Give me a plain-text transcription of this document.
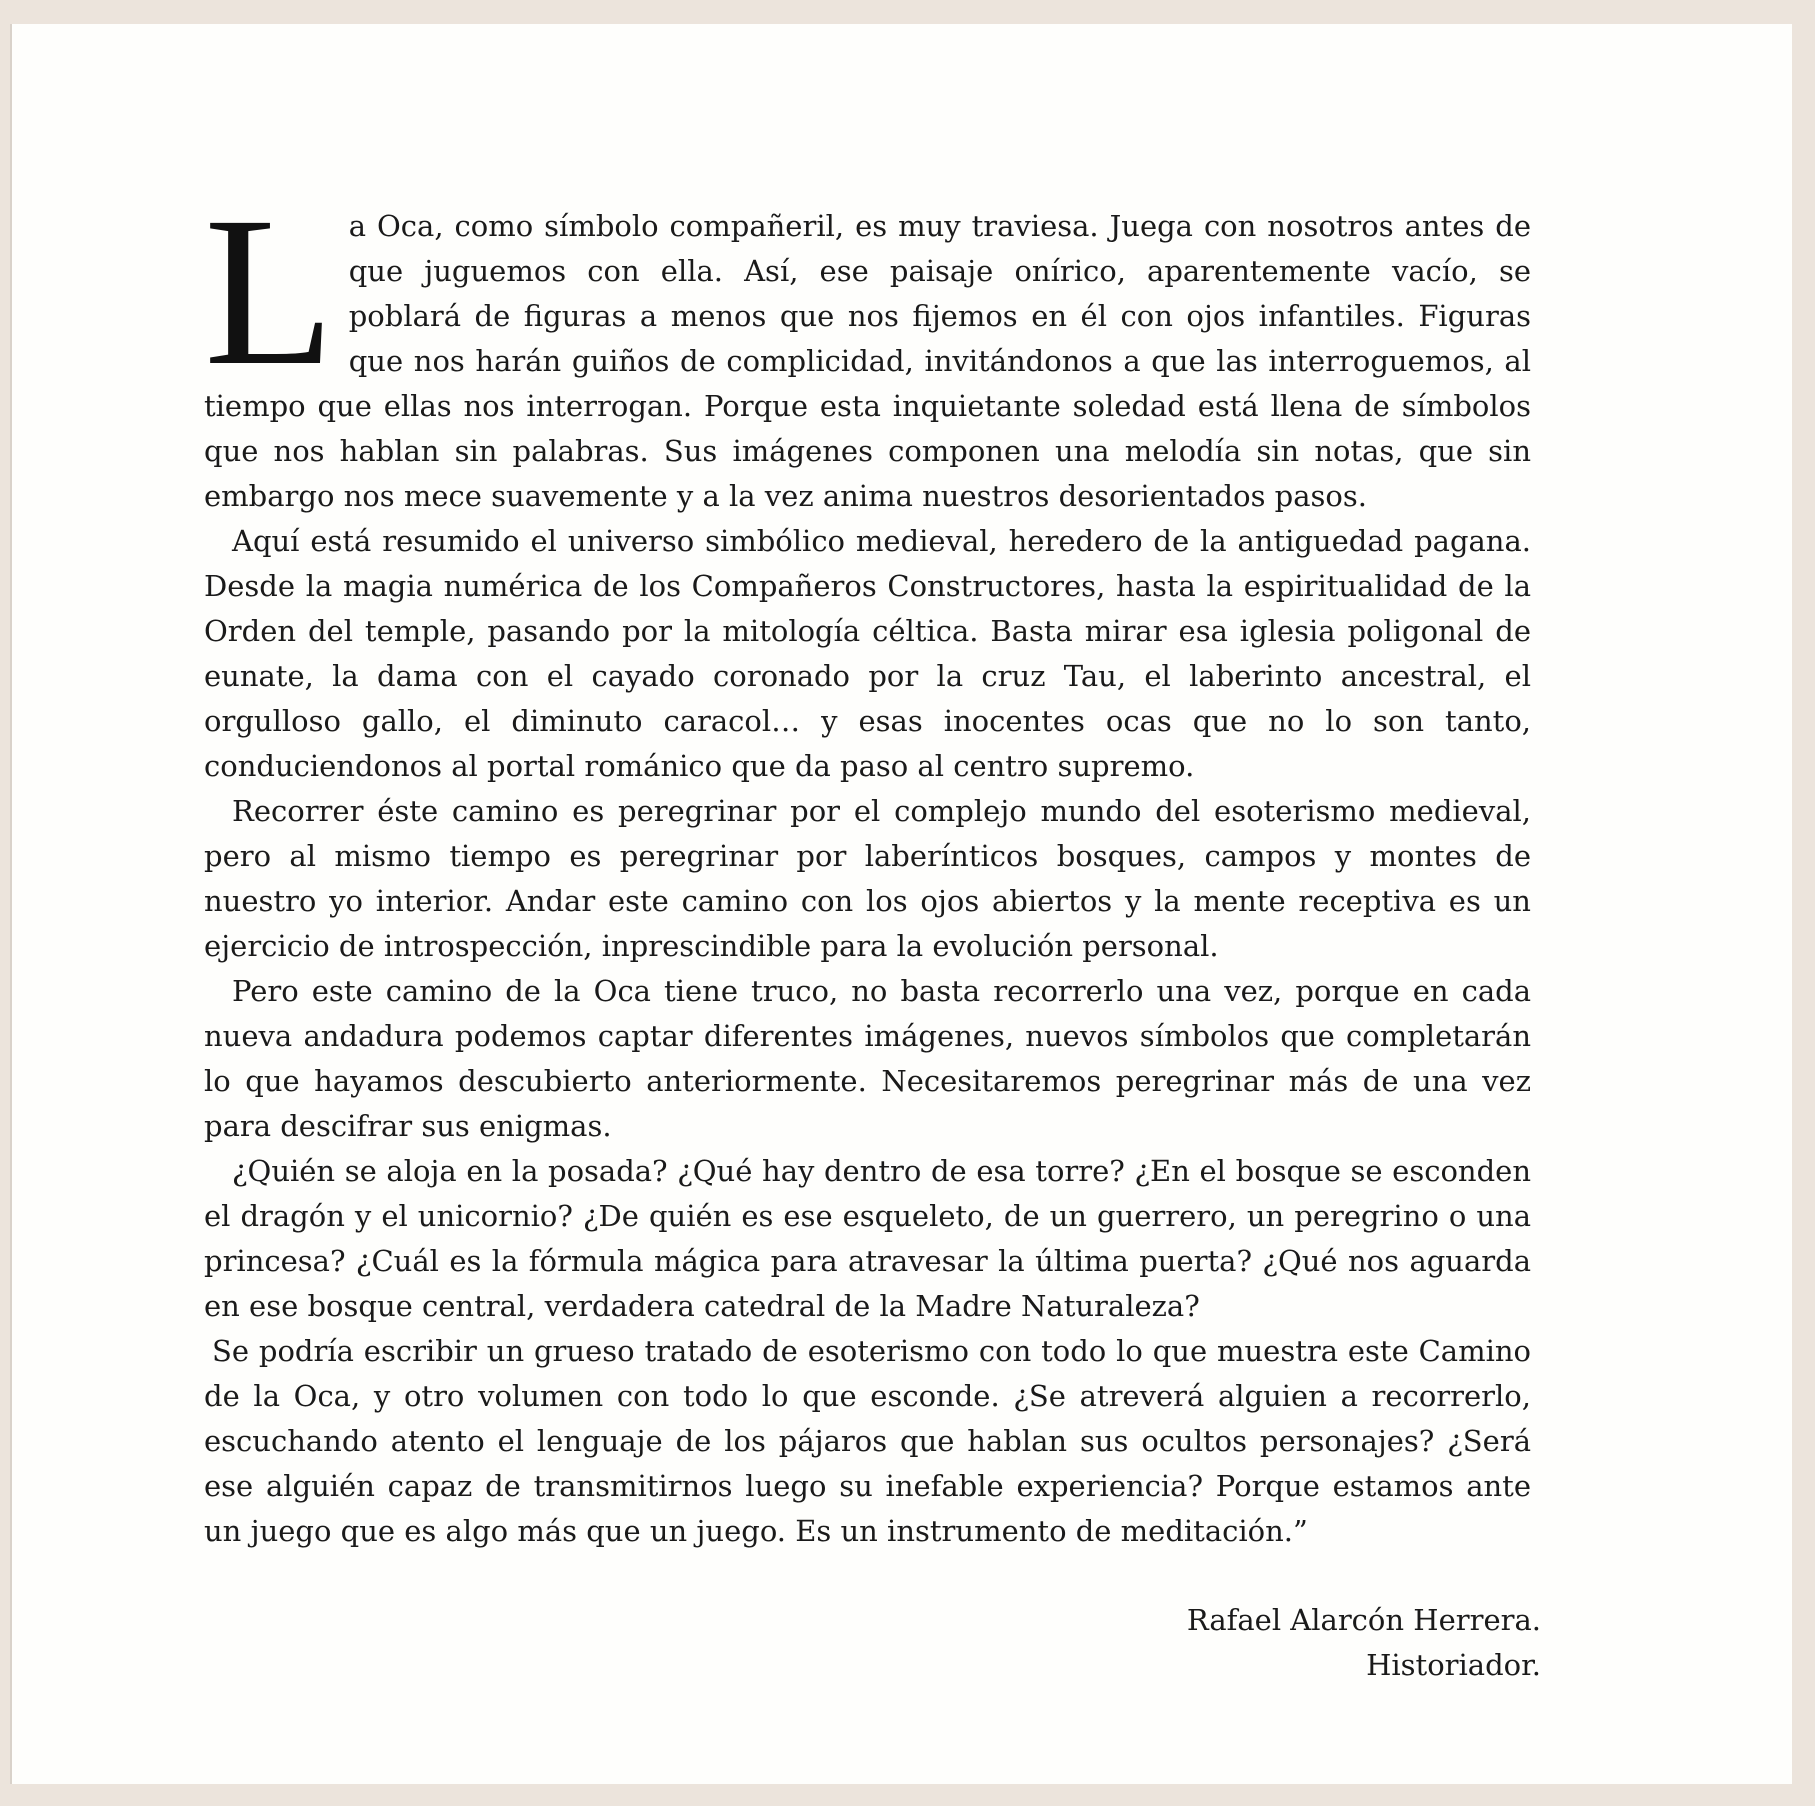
La Oca, como símbolo compañeril, es muy traviesa. Juega con nosotros antes de que juguemos con ella. Así, ese paisaje onírico, aparentemente vacío, se poblará de figuras a menos que nos fijemos en él con ojos infantiles. Figuras que nos harán guiños de complicidad, invitándonos a que las interroguemos, al tiempo que ellas nos interrogan. Porque esta inquietante soledad está llena de símbolos que nos hablan sin palabras. Sus imágenes componen una melodía sin notas, que sin embargo nos mece suavemente y a la vez anima nuestros desorientados pasos.

Aquí está resumido el universo simbólico medieval, heredero de la antiguedad pagana. Desde la magia numérica de los Compañeros Constructores, hasta la espiritualidad de la Orden del temple, pasando por la mitología céltica. Basta mirar esa iglesia poligonal de eunate, la dama con el cayado coronado por la cruz Tau, el laberinto ancestral, el orgulloso gallo, el diminuto caracol… y esas inocentes ocas que no lo son tanto, conduciendonos al portal románico que da paso al centro supremo.

Recorrer éste camino es peregrinar por el complejo mundo del esoterismo medieval, pero al mismo tiempo es peregrinar por laberínticos bosques, campos y montes de nuestro yo interior. Andar este camino con los ojos abiertos y la mente receptiva es un ejercicio de introspección, inprescindible para la evolución personal.

Pero este camino de la Oca tiene truco, no basta recorrerlo una vez, porque en cada nueva andadura podemos captar diferentes imágenes, nuevos símbolos que completarán lo que hayamos descubierto anteriormente. Necesitaremos peregrinar más de una vez para descifrar sus enigmas.

¿Quién se aloja en la posada? ¿Qué hay dentro de esa torre? ¿En el bosque se esconden el dragón y el unicornio? ¿De quién es ese esqueleto, de un guerrero, un peregrino o una princesa? ¿Cuál es la fórmula mágica para atravesar la última puerta? ¿Qué nos aguarda en ese bosque central, verdadera catedral de la Madre Naturaleza?

Se podría escribir un grueso tratado de esoterismo con todo lo que muestra este Camino de la Oca, y otro volumen con todo lo que esconde. ¿Se atreverá alguien a recorrerlo, escuchando atento el lenguaje de los pájaros que hablan sus ocultos personajes? ¿Será ese alguién capaz de transmitirnos luego su inefable experiencia? Porque estamos ante un juego que es algo más que un juego. Es un instrumento de meditación.”

Rafael Alarcón Herrera.
Historiador.
